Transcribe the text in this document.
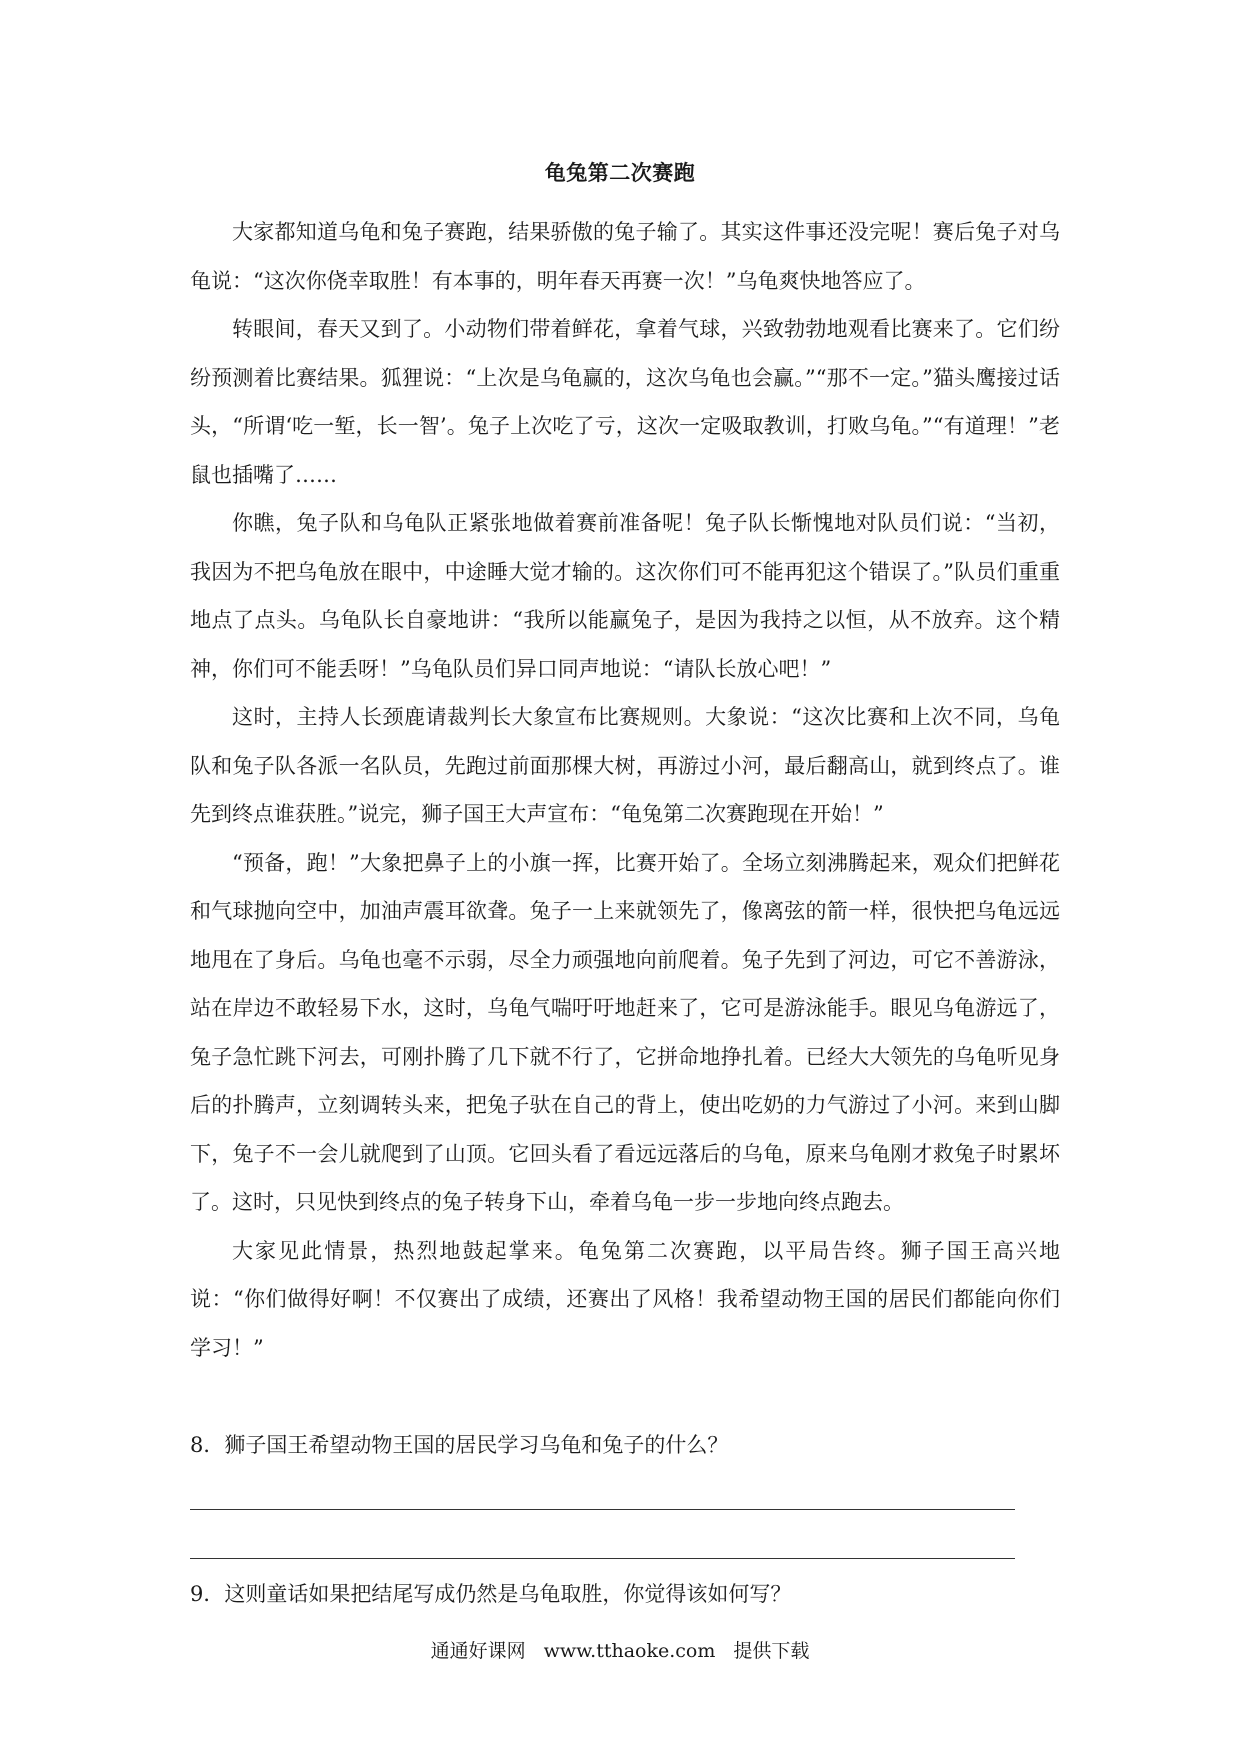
龟兔第二次赛跑

大家都知道乌龟和兔子赛跑，结果骄傲的兔子输了。其实这件事还没完呢！赛后兔子对乌龟说：“这次你侥幸取胜！有本事的，明年春天再赛一次！”乌龟爽快地答应了。

转眼间，春天又到了。小动物们带着鲜花，拿着气球，兴致勃勃地观看比赛来了。它们纷纷预测着比赛结果。狐狸说：“上次是乌龟赢的，这次乌龟也会赢。”“那不一定。”猫头鹰接过话头，“所谓‘吃一堑，长一智’。兔子上次吃了亏，这次一定吸取教训，打败乌龟。”“有道理！”老鼠也插嘴了……

你瞧，兔子队和乌龟队正紧张地做着赛前准备呢！兔子队长惭愧地对队员们说：“当初，我因为不把乌龟放在眼中，中途睡大觉才输的。这次你们可不能再犯这个错误了。”队员们重重地点了点头。乌龟队长自豪地讲：“我所以能赢兔子，是因为我持之以恒，从不放弃。这个精神，你们可不能丢呀！”乌龟队员们异口同声地说：“请队长放心吧！”

这时，主持人长颈鹿请裁判长大象宣布比赛规则。大象说：“这次比赛和上次不同，乌龟队和兔子队各派一名队员，先跑过前面那棵大树，再游过小河，最后翻高山，就到终点了。谁先到终点谁获胜。”说完，狮子国王大声宣布：“龟兔第二次赛跑现在开始！”

“预备，跑！”大象把鼻子上的小旗一挥，比赛开始了。全场立刻沸腾起来，观众们把鲜花和气球抛向空中，加油声震耳欲聋。兔子一上来就领先了，像离弦的箭一样，很快把乌龟远远地甩在了身后。乌龟也毫不示弱，尽全力顽强地向前爬着。兔子先到了河边，可它不善游泳，站在岸边不敢轻易下水，这时，乌龟气喘吁吁地赶来了，它可是游泳能手。眼见乌龟游远了，兔子急忙跳下河去，可刚扑腾了几下就不行了，它拼命地挣扎着。已经大大领先的乌龟听见身后的扑腾声，立刻调转头来，把兔子驮在自己的背上，使出吃奶的力气游过了小河。来到山脚下，兔子不一会儿就爬到了山顶。它回头看了看远远落后的乌龟，原来乌龟刚才救兔子时累坏了。这时，只见快到终点的兔子转身下山，牵着乌龟一步一步地向终点跑去。

大家见此情景，热烈地鼓起掌来。龟兔第二次赛跑，以平局告终。狮子国王高兴地说：“你们做得好啊！不仅赛出了成绩，还赛出了风格！我希望动物王国的居民们都能向你们学习！”

8．狮子国王希望动物王国的居民学习乌龟和兔子的什么？
9．这则童话如果把结尾写成仍然是乌龟取胜，你觉得该如何写？
通通好课网 www.tthaoke.com 提供下载
